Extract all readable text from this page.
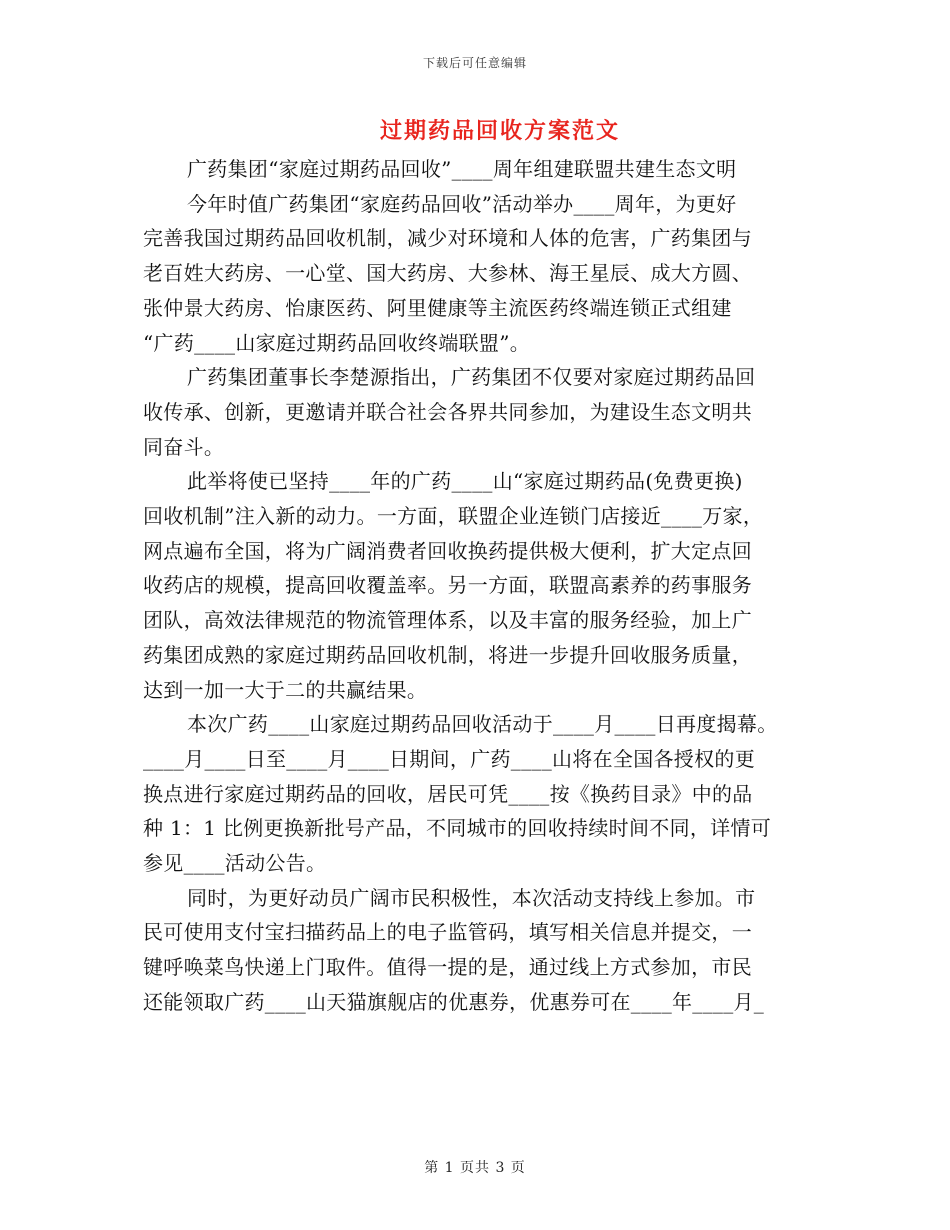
下载后可任意编辑
过期药品回收方案范文
广药集团“家庭过期药品回收”____周年组建联盟共建生态文明
今年时值广药集团“家庭药品回收”活动举办____周年，为更好
完善我国过期药品回收机制，减少对环境和人体的危害，广药集团与
老百姓大药房、一心堂、国大药房、大参林、海王星辰、成大方圆、
张仲景大药房、怡康医药、阿里健康等主流医药终端连锁正式组建
“广药____山家庭过期药品回收终端联盟”。
广药集团董事长李楚源指出，广药集团不仅要对家庭过期药品回
收传承、创新，更邀请并联合社会各界共同参加，为建设生态文明共
同奋斗。
此举将使已坚持____年的广药____山“家庭过期药品(免费更换)
回收机制”注入新的动力。一方面，联盟企业连锁门店接近____万家，
网点遍布全国，将为广阔消费者回收换药提供极大便利，扩大定点回
收药店的规模，提高回收覆盖率。另一方面，联盟高素养的药事服务
团队，高效法律规范的物流管理体系，以及丰富的服务经验，加上广
药集团成熟的家庭过期药品回收机制，将进一步提升回收服务质量，
达到一加一大于二的共赢结果。
本次广药____山家庭过期药品回收活动于____月____日再度揭幕。
____月____日至____月____日期间，广药____山将在全国各授权的更
换点进行家庭过期药品的回收，居民可凭____按《换药目录》中的品
种 1：1 比例更换新批号产品，不同城市的回收持续时间不同，详情可
参见____活动公告。
同时，为更好动员广阔市民积极性，本次活动支持线上参加。市
民可使用支付宝扫描药品上的电子监管码，填写相关信息并提交，一
键呼唤菜鸟快递上门取件。值得一提的是，通过线上方式参加，市民
还能领取广药____山天猫旗舰店的优惠券，优惠券可在____年____月_
第 1 页共 3 页
